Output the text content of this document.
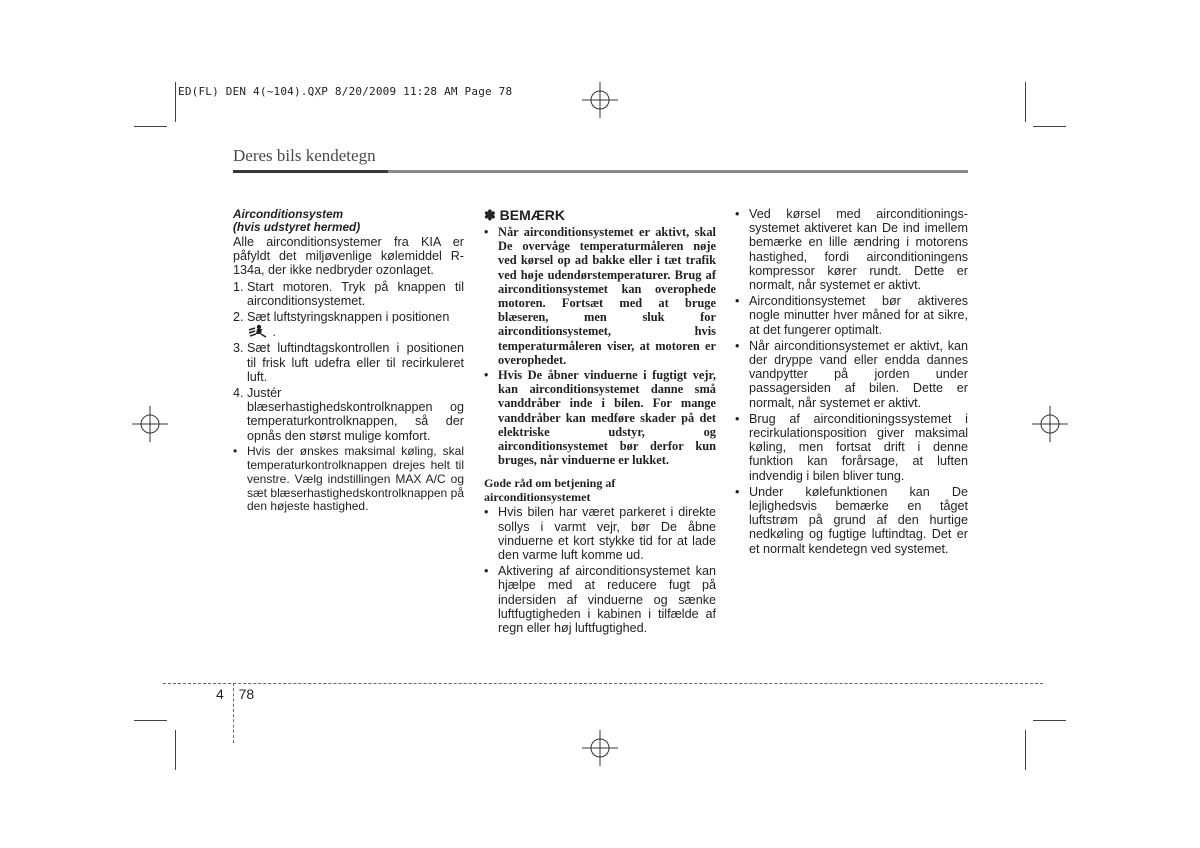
ED(FL) DEN 4(~104).QXP 8/20/2009 11:28 AM Page 78
Deres bils kendetegn
Airconditionsystem
(hvis udstyret hermed)

Alle airconditionsystemer fra KIA er påfyldt det miljøvenlige kølemiddel R-134a, der ikke nedbryder ozonlaget.

1. Start motoren. Tryk på knappen til airconditionsystemet.
2. Sæt luftstyringsknappen i positionen
.
3. Sæt luftindtagskontrollen i positionen til frisk luft udefra eller til recirkuleret luft.
4. Justér blæserhastighedskontrolknappen og temperaturkontrolknappen, så der opnås den størst mulige komfort.
• Hvis der ønskes maksimal køling, skal temperaturkontrolknappen drejes helt til venstre. Vælg indstillingen MAX A/C og sæt blæserhastighedskontrolknappen på den højeste hastighed.
✽ BEMÆRK
• Når airconditionsystemet er aktivt, skal De overvåge temperaturmåleren nøje ved kørsel op ad bakke eller i tæt trafik ved høje udendørstemperaturer. Brug af airconditionsystemet kan overophede motoren. Fortsæt med at bruge blæseren, men sluk for airconditionsystemet, hvis temperaturmåleren viser, at motoren er overophedet.
• Hvis De åbner vinduerne i fugtigt vejr, kan airconditionsystemet danne små vanddråber inde i bilen. For mange vanddråber kan medføre skader på det elektriske udstyr, og airconditionsystemet bør derfor kun bruges, når vinduerne er lukket.
Gode råd om betjening af
airconditionsystemet
• Hvis bilen har været parkeret i direkte sollys i varmt vejr, bør De åbne vinduerne et kort stykke tid for at lade den varme luft komme ud.
• Aktivering af airconditionsystemet kan hjælpe med at reducere fugt på indersiden af vinduerne og sænke luftfugtigheden i kabinen i tilfælde af regn eller høj luftfugtighed.
• Ved kørsel med airconditionings-systemet aktiveret kan De ind imellem bemærke en lille ændring i motorens hastighed, fordi airconditioningens kompressor kører rundt. Dette er normalt, når systemet er aktivt.
• Airconditionsystemet bør aktiveres nogle minutter hver måned for at sikre, at det fungerer optimalt.
• Når airconditionsystemet er aktivt, kan der dryppe vand eller endda dannes vandpytter på jorden under passagersiden af bilen. Dette er normalt, når systemet er aktivt.
• Brug af airconditioningssystemet i recirkulationsposition giver maksimal køling, men fortsat drift i denne funktion kan forårsage, at luften indvendig i bilen bliver tung.
• Under kølefunktionen kan De lejlighedsvis bemærke en tåget luftstrøm på grund af den hurtige nedkøling og fugtige luftindtag. Det er et normalt kendetegn ved systemet.
4 78
